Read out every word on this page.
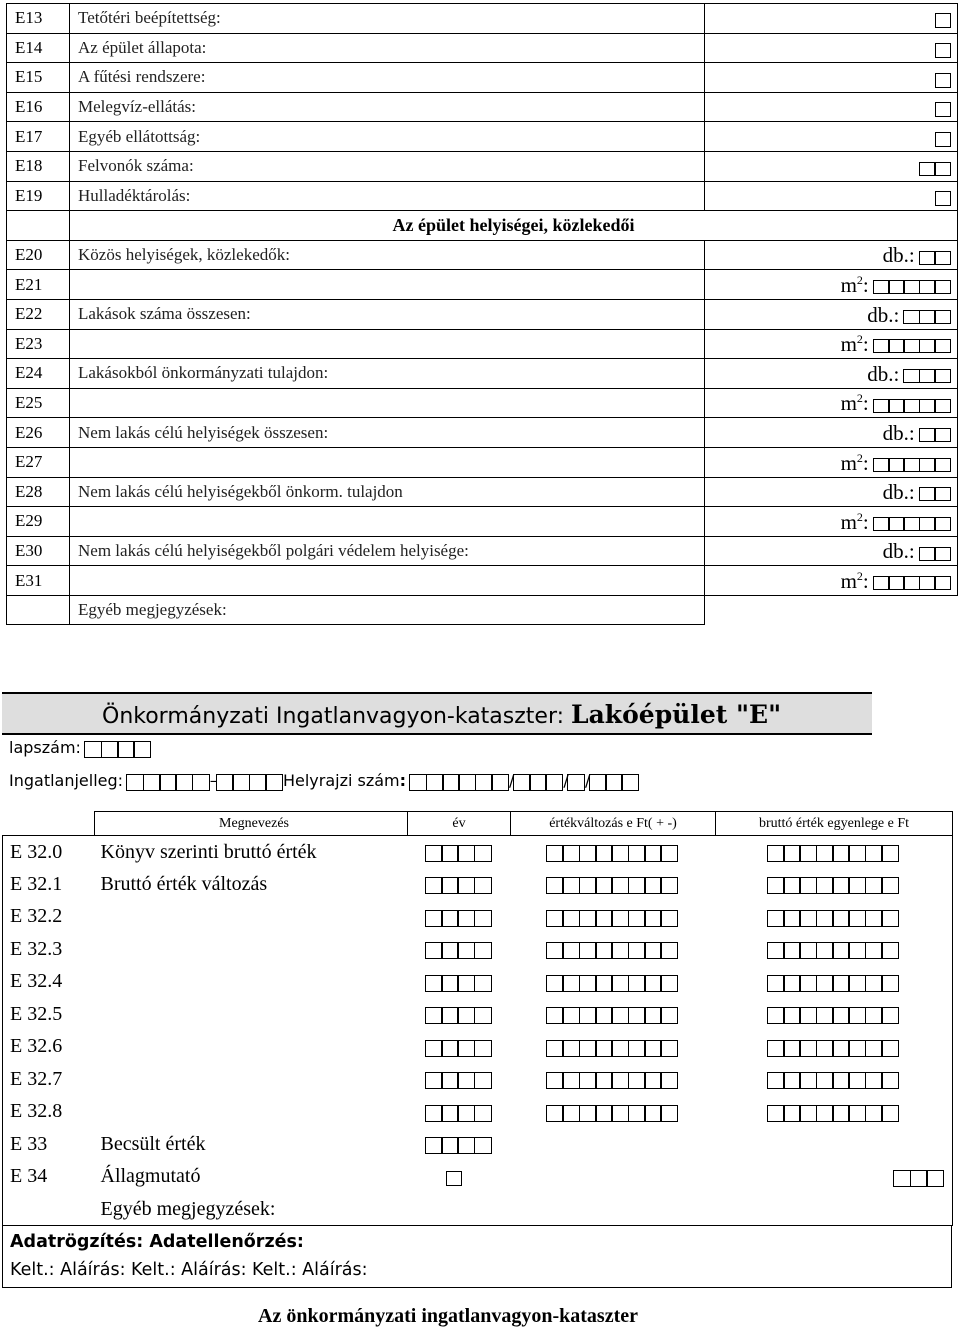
E13	Tetőtéri beépítettség:	
E14	Az épület állapota:	
E15	A fűtési rendszere:	
E16	Melegvíz-ellátás:	
E17	Egyéb ellátottság:	
E18	Felvonók száma:	
E19	Hulladéktárolás:	
	Az épület helyiségei, közlekedői	
E20	Közös helyiségek, közlekedők:	db.:
E21		$m^2$:
E22	Lakások száma összesen:	db.:
E23		$m^2$:
E24	Lakásokból önkormányzati tulajdon:	db.:
E25		$m^2$:
E26	Nem lakás célú helyiségek összesen:	db.:
E27		$m^2$:
E28	Nem lakás célú helyiségekből önkorm. tulajdon	db.:
E29		$m^2$:
E30	Nem lakás célú helyiségekből polgári védelem helyisége:	db.:
E31		$m^2$:
	Egyéb megjegyzések:	
Önkormányzati Ingatlanvagyon-kataszter: Lakóépület "E"
lapszám:
Ingatlanjelleg:	–	Helyrajzi szám:	/	/ /
	Megnevezés	év	értékváltozás e Ft( + -)	bruttó érték egyenlege e Ft
E 32.0	Könyv szerinti bruttó érték			
E 32.1	Bruttó érték változás			
E 32.2				
E 32.3				
E 32.4				
E 32.5				
E 32.6				
E 32.7				
E 32.8				
E 33	Becsült érték			
E 34	Állagmutató			
	Egyéb megjegyzések:			
Adatrögzítés: Adatellenőrzés:
Kelt.: Aláírás: Kelt.: Aláírás: Kelt.: Aláírás:
Az önkormányzati ingatlanvagyon-kataszter
